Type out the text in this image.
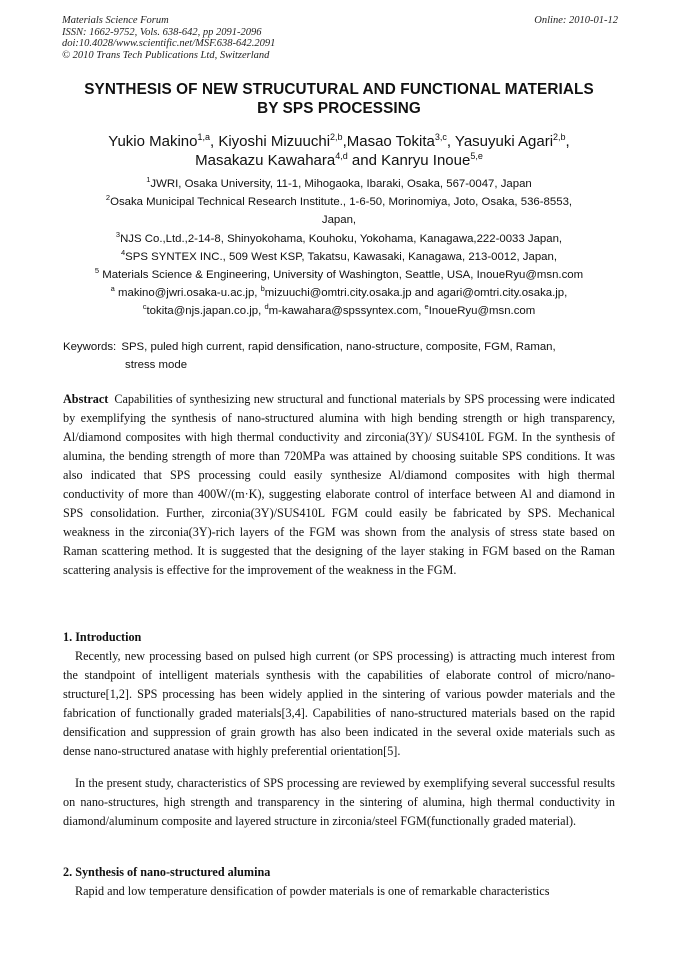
Materials Science Forum
ISSN: 1662-9752, Vols. 638-642, pp 2091-2096
doi:10.4028/www.scientific.net/MSF.638-642.2091
© 2010 Trans Tech Publications Ltd, Switzerland
Online: 2010-01-12
SYNTHESIS OF NEW STRUCUTURAL AND FUNCTIONAL MATERIALS
BY SPS PROCESSING
Yukio Makino$^{1,a}$, Kiyoshi Mizuuchi$^{2,b}$,Masao Tokita$^{3,c}$, Yasuyuki Agari$^{2,b}$,
Masakazu Kawahara$^{4,d}$ and Kanryu Inoue$^{5,e}$
$^1$JWRI, Osaka University, 11-1, Mihogaoka, Ibaraki, Osaka, 567-0047, Japan
$^2$Osaka Municipal Technical Research Institute., 1-6-50, Morinomiya, Joto, Osaka, 536-8553,
Japan,
$^3$NJS Co.,Ltd.,2-14-8, Shinyokohama, Kouhoku, Yokohama, Kanagawa,222-0033 Japan,
$^4$SPS SYNTEX INC., 509 West KSP, Takatsu, Kawasaki, Kanagawa, 213-0012, Japan,
$^5$ Materials Science & Engineering, University of Washington, Seattle, USA, InoueRyu@msn.com
$^a$ makino@jwri.osaka-u.ac.jp, $^b$mizuuchi@omtri.city.osaka.jp and agari@omtri.city.osaka.jp,
$^c$tokita@njs.japan.co.jp, $^d$m-kawahara@spssyntex.com, $^e$InoueRyu@msn.com
Keywords: SPS, puled high current, rapid densification, nano-structure, composite, FGM, Raman,
stress mode
Abstract Capabilities of synthesizing new structural and functional materials by SPS processing were indicated by exemplifying the synthesis of nano-structured alumina with high bending strength or high transparency, Al/diamond composites with high thermal conductivity and zirconia(3Y)/ SUS410L FGM. In the synthesis of alumina, the bending strength of more than 720MPa was attained by choosing suitable SPS conditions. It was also indicated that SPS processing could easily synthesize Al/diamond composites with high thermal conductivity of more than 400W/(m·K), suggesting elaborate control of interface between Al and diamond in SPS consolidation. Further, zirconia(3Y)/SUS410L FGM could easily be fabricated by SPS. Mechanical weakness in the zirconia(3Y)-rich layers of the FGM was shown from the analysis of stress state based on Raman scattering method. It is suggested that the designing of the layer staking in FGM based on the Raman scattering analysis is effective for the improvement of the weakness in the FGM.
1. Introduction
Recently, new processing based on pulsed high current (or SPS processing) is attracting much interest from the standpoint of intelligent materials synthesis with the capabilities of elaborate control of micro/nano-structure[1,2]. SPS processing has been widely applied in the sintering of various powder materials and the fabrication of functionally graded materials[3,4]. Capabilities of nano-structured materials based on the rapid densification and suppression of grain growth has also been indicated in the several oxide materials such as dense nano-structured anatase with highly preferential orientation[5].
In the present study, characteristics of SPS processing are reviewed by exemplifying several successful results on nano-structures, high strength and transparency in the sintering of alumina, high thermal conductivity in diamond/aluminum composite and layered structure in zirconia/steel FGM(functionally graded material).
2. Synthesis of nano-structured alumina
Rapid and low temperature densification of powder materials is one of remarkable characteristics
